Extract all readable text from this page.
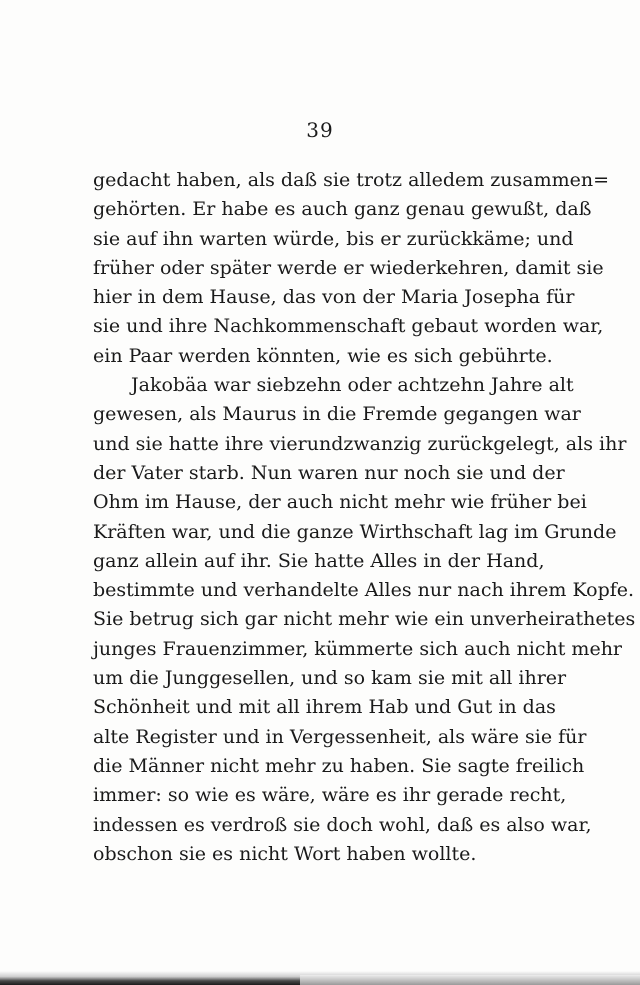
39
gedacht haben, als daß sie trotz alledem zusammen=
gehörten. Er habe es auch ganz genau gewußt, daß
sie auf ihn warten würde, bis er zurückkäme; und
früher oder später werde er wiederkehren, damit sie
hier in dem Hause, das von der Maria Josepha für
sie und ihre Nachkommenschaft gebaut worden war,
ein Paar werden könnten, wie es sich gebührte.
Jakobäa war siebzehn oder achtzehn Jahre alt
gewesen, als Maurus in die Fremde gegangen war
und sie hatte ihre vierundzwanzig zurückgelegt, als ihr
der Vater starb. Nun waren nur noch sie und der
Ohm im Hause, der auch nicht mehr wie früher bei
Kräften war, und die ganze Wirthschaft lag im Grunde
ganz allein auf ihr. Sie hatte Alles in der Hand,
bestimmte und verhandelte Alles nur nach ihrem Kopfe.
Sie betrug sich gar nicht mehr wie ein unverheirathetes
junges Frauenzimmer, kümmerte sich auch nicht mehr
um die Junggesellen, und so kam sie mit all ihrer
Schönheit und mit all ihrem Hab und Gut in das
alte Register und in Vergessenheit, als wäre sie für
die Männer nicht mehr zu haben. Sie sagte freilich
immer: so wie es wäre, wäre es ihr gerade recht,
indessen es verdroß sie doch wohl, daß es also war,
obschon sie es nicht Wort haben wollte.
